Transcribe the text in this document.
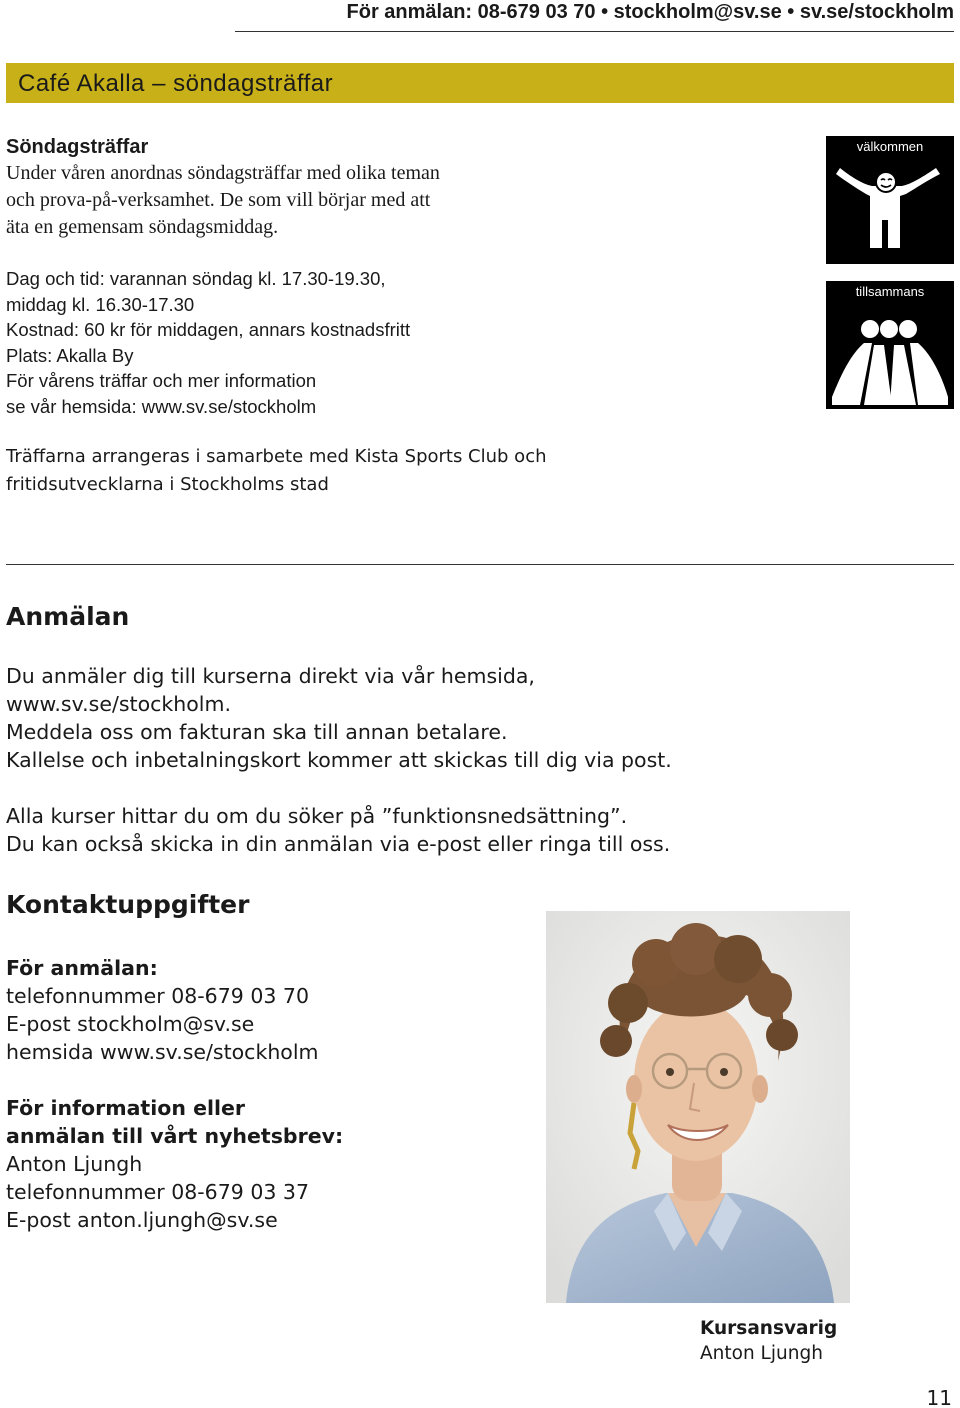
För anmälan: 08-679 03 70 • stockholm@sv.se • sv.se/stockholm
Café Akalla – söndagsträffar
Söndagsträffar
Under våren anordnas söndagsträffar med olika teman
och prova-på-verksamhet. De som vill börjar med att
äta en gemensam söndagsmiddag.
Dag och tid: varannan söndag kl. 17.30-19.30,
middag kl. 16.30-17.30
Kostnad: 60 kr för middagen, annars kostnadsfritt
Plats: Akalla By
För vårens träffar och mer information
se vår hemsida: www.sv.se/stockholm
välkommen
tillsammans
Träffarna arrangeras i samarbete med Kista Sports Club och
fritidsutvecklarna i Stockholms stad
Anmälan
Du anmäler dig till kurserna direkt via vår hemsida,
www.sv.se/stockholm.
Meddela oss om fakturan ska till annan betalare.
Kallelse och inbetalningskort kommer att skickas till dig via post.
Alla kurser hittar du om du söker på ”funktionsnedsättning”.
Du kan också skicka in din anmälan via e-post eller ringa till oss.
Kontaktuppgifter
För anmälan:
telefonnummer 08-679 03 70
E-post stockholm@sv.se
hemsida www.sv.se/stockholm
För information eller
anmälan till vårt nyhetsbrev:
Anton Ljungh
telefonnummer 08-679 03 37
E-post anton.ljungh@sv.se
Kursansvarig
Anton Ljungh
11
